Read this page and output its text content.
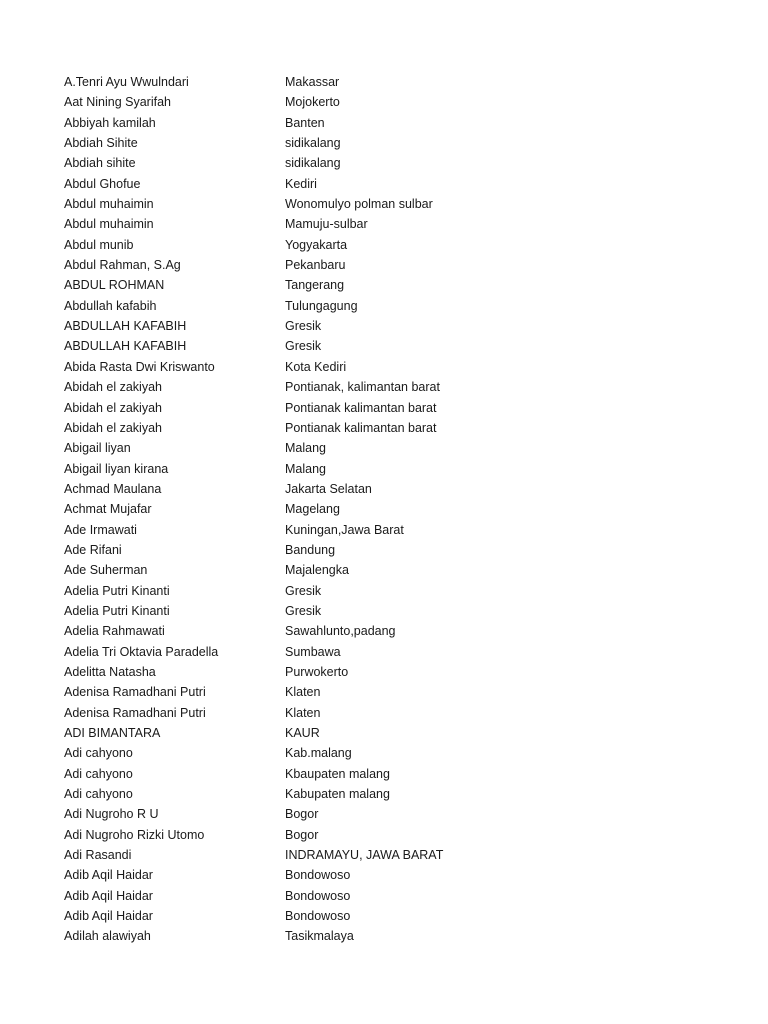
A.Tenri Ayu Wwulndari	Makassar
Aat Nining Syarifah	Mojokerto
Abbiyah kamilah	Banten
Abdiah Sihite	sidikalang
Abdiah sihite	sidikalang
Abdul Ghofue	Kediri
Abdul muhaimin	Wonomulyo polman sulbar
Abdul muhaimin	Mamuju-sulbar
Abdul munib	Yogyakarta
Abdul Rahman, S.Ag	Pekanbaru
ABDUL ROHMAN	Tangerang
Abdullah kafabih	Tulungagung
ABDULLAH KAFABIH	Gresik
ABDULLAH KAFABIH	Gresik
Abida Rasta Dwi Kriswanto	Kota Kediri
Abidah el zakiyah	Pontianak, kalimantan barat
Abidah el zakiyah	Pontianak kalimantan barat
Abidah el zakiyah	Pontianak kalimantan barat
Abigail liyan	Malang
Abigail liyan kirana	Malang
Achmad Maulana	Jakarta Selatan
Achmat Mujafar	Magelang
Ade Irmawati	Kuningan,Jawa Barat
Ade Rifani	Bandung
Ade Suherman	Majalengka
Adelia Putri Kinanti	Gresik
Adelia Putri Kinanti	Gresik
Adelia Rahmawati	Sawahlunto,padang
Adelia Tri Oktavia Paradella	Sumbawa
Adelitta Natasha	Purwokerto
Adenisa Ramadhani Putri	Klaten
Adenisa Ramadhani Putri	Klaten
ADI BIMANTARA	KAUR
Adi cahyono	Kab.malang
Adi cahyono	Kbaupaten malang
Adi cahyono	Kabupaten malang
Adi Nugroho R U	Bogor
Adi Nugroho Rizki Utomo	Bogor
Adi Rasandi	INDRAMAYU, JAWA BARAT
Adib Aqil Haidar	Bondowoso
Adib Aqil Haidar	Bondowoso
Adib Aqil Haidar	Bondowoso
Adilah alawiyah	Tasikmalaya
